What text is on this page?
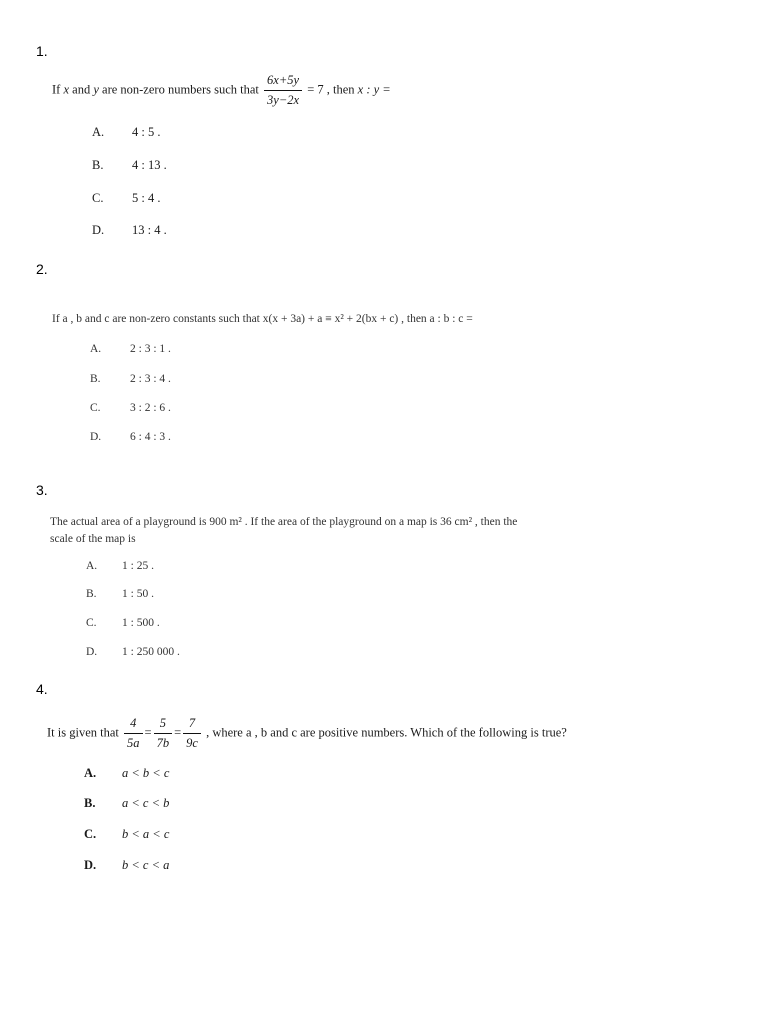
1.
If x and y are non-zero numbers such that $\frac{6x+5y}{3y-2x} = 7$ , then x : y =
A. 4 : 5 .
B. 4 : 13 .
C. 5 : 4 .
D. 13 : 4 .
2.
If a , b and c are non-zero constants such that x(x + 3a) + a ≡ x² + 2(bx + c) , then a : b : c =
A.	2 : 3 : 1 .
B.	2 : 3 : 4 .
C.	3 : 2 : 6 .
D.	6 : 4 : 3 .
3.
The actual area of a playground is 900 m² . If the area of the playground on a map is 36 cm² , then the
scale of the map is
A. 1 : 25 .
B. 1 : 50 .
C. 1 : 500 .
D. 1 : 250 000 .
4.
It is given that $\frac{4}{5a} = \frac{5}{7b} = \frac{7}{9c}$ , where a , b and c are positive numbers. Which of the following is true?
A. a < b < c
B. a < c < b
C. b < a < c
D. b < c < a
